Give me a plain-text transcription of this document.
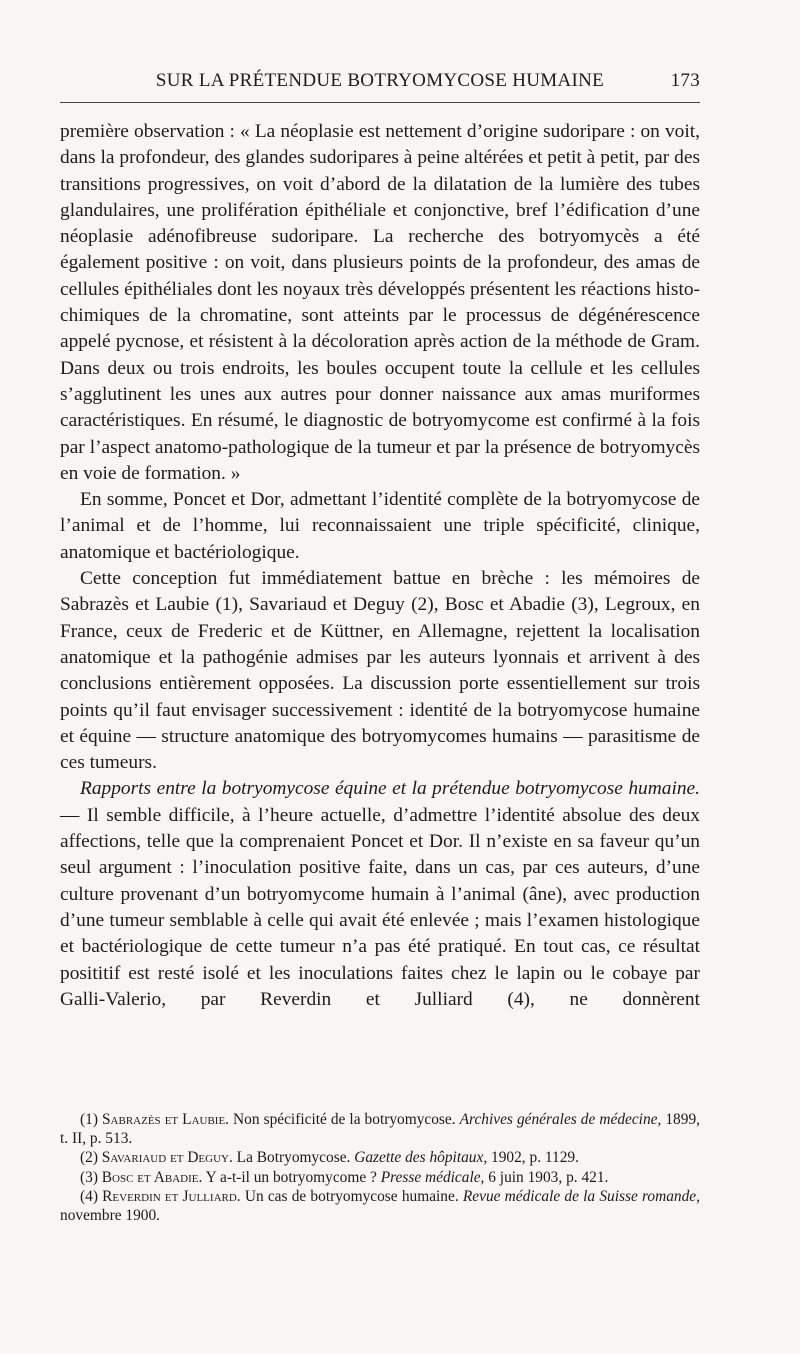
SUR LA PRÉTENDUE BOTRYOMYCOSE HUMAINE	173

première observation : « La néoplasie est nettement d’origine sudoripare : on voit, dans la profondeur, des glandes sudoripares à peine altérées et petit à petit, par des transitions progressives, on voit d’abord de la dilatation de la lumière des tubes glandulaires, une prolifération épithéliale et conjonctive, bref l’édification d’une néoplasie adénofibreuse sudoripare. La recherche des botryomycès a été également positive : on voit, dans plusieurs points de la profondeur, des amas de cellules épithéliales dont les noyaux très développés présentent les réactions histo-chimiques de la chromatine, sont atteints par le processus de dégénérescence appelé pycnose, et résistent à la décoloration après action de la méthode de Gram. Dans deux ou trois endroits, les boules occupent toute la cellule et les cellules s’agglutinent les unes aux autres pour donner naissance aux amas muriformes caractéristiques. En résumé, le diagnostic de botryomycome est confirmé à la fois par l’aspect anatomo-pathologique de la tumeur et par la présence de botryomycès en voie de formation. »

En somme, Poncet et Dor, admettant l’identité complète de la botryomycose de l’animal et de l’homme, lui reconnaissaient une triple spécificité, clinique, anatomique et bactériologique.

Cette conception fut immédiatement battue en brèche : les mémoires de Sabrazès et Laubie (1), Savariaud et Deguy (2), Bosc et Abadie (3), Legroux, en France, ceux de Frederic et de Küttner, en Allemagne, rejettent la localisation anatomique et la pathogénie admises par les auteurs lyonnais et arrivent à des conclusions entièrement opposées. La discussion porte essentiellement sur trois points qu’il faut envisager successivement : identité de la botryomycose humaine et équine — structure anatomique des botryomycomes humains — parasitisme de ces tumeurs.

Rapports entre la botryomycose équine et la prétendue botryomycose humaine. — Il semble difficile, à l’heure actuelle, d’admettre l’identité absolue des deux affections, telle que la comprenaient Poncet et Dor. Il n’existe en sa faveur qu’un seul argument : l’inoculation positive faite, dans un cas, par ces auteurs, d’une culture provenant d’un botryomycome humain à l’animal (âne), avec production d’une tumeur semblable à celle qui avait été enlevée ; mais l’examen histologique et bactériologique de cette tumeur n’a pas été pratiqué. En tout cas, ce résultat posititif est resté isolé et les inoculations faites chez le lapin ou le cobaye par Galli-Valerio, par Reverdin et Julliard (4), ne donnèrent

(1) Sabrazès et Laubie. Non spécificité de la botryomycose. Archives générales de médecine, 1899, t. II, p. 513.

(2) Savariaud et Deguy. La Botryomycose. Gazette des hôpitaux, 1902, p. 1129.

(3) Bosc et Abadie. Y a-t-il un botryomycome ? Presse médicale, 6 juin 1903, p. 421.

(4) Reverdin et Julliard. Un cas de botryomycose humaine. Revue médicale de la Suisse romande, novembre 1900.
